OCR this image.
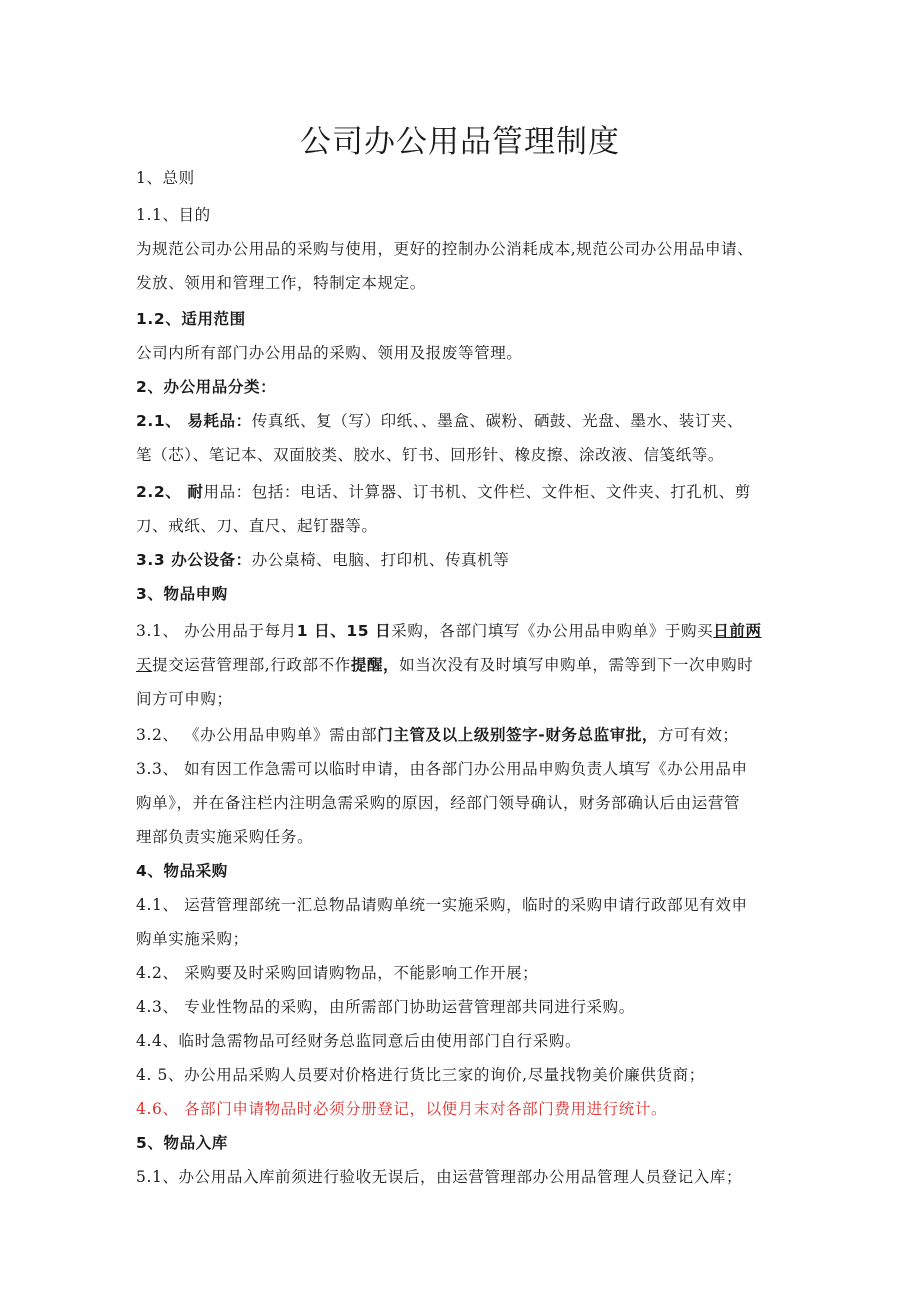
公司办公用品管理制度
1、总则
1.1、目的
为规范公司办公用品的采购与使用，更好的控制办公消耗成本,规范公司办公用品申请、
发放、领用和管理工作，特制定本规定。
1.2、适用范围
公司内所有部门办公用品的采购、领用及报废等管理。
2、办公用品分类：
2.1、 易耗品：传真纸、复（写）印纸、、墨盒、碳粉、硒鼓、光盘、墨水、装订夹、
笔（芯）、笔记本、双面胶类、胶水、钉书、回形针、橡皮擦、涂改液、信笺纸等。
2.2、 耐用品：包括：电话、计算器、订书机、文件栏、文件柜、文件夹、打孔机、剪
刀、戒纸、刀、直尺、起钉器等。
3.3 办公设备：办公桌椅、电脑、打印机、传真机等
3、物品申购
3.1、 办公用品于每月1 日、15 日采购，各部门填写《办公用品申购单》于购买日前两
天提交运营管理部,行政部不作提醒，如当次没有及时填写申购单，需等到下一次申购时
间方可申购；
3.2、 《办公用品申购单》需由部门主管及以上级别签字-财务总监审批，方可有效；
3.3、 如有因工作急需可以临时申请，由各部门办公用品申购负责人填写《办公用品申
购单》，并在备注栏内注明急需采购的原因，经部门领导确认，财务部确认后由运营管
理部负责实施采购任务。
4、物品采购
4.1、 运营管理部统一汇总物品请购单统一实施采购，临时的采购申请行政部见有效申
购单实施采购；
4.2、 采购要及时采购回请购物品，不能影响工作开展；
4.3、 专业性物品的采购，由所需部门协助运营管理部共同进行采购。
4.4、临时急需物品可经财务总监同意后由使用部门自行采购。
4. 5、办公用品采购人员要对价格进行货比三家的询价,尽量找物美价廉供货商；
4.6、 各部门申请物品时必须分册登记，以便月末对各部门费用进行统计。
5、物品入库
5.1、办公用品入库前须进行验收无误后，由运营管理部办公用品管理人员登记入库；
